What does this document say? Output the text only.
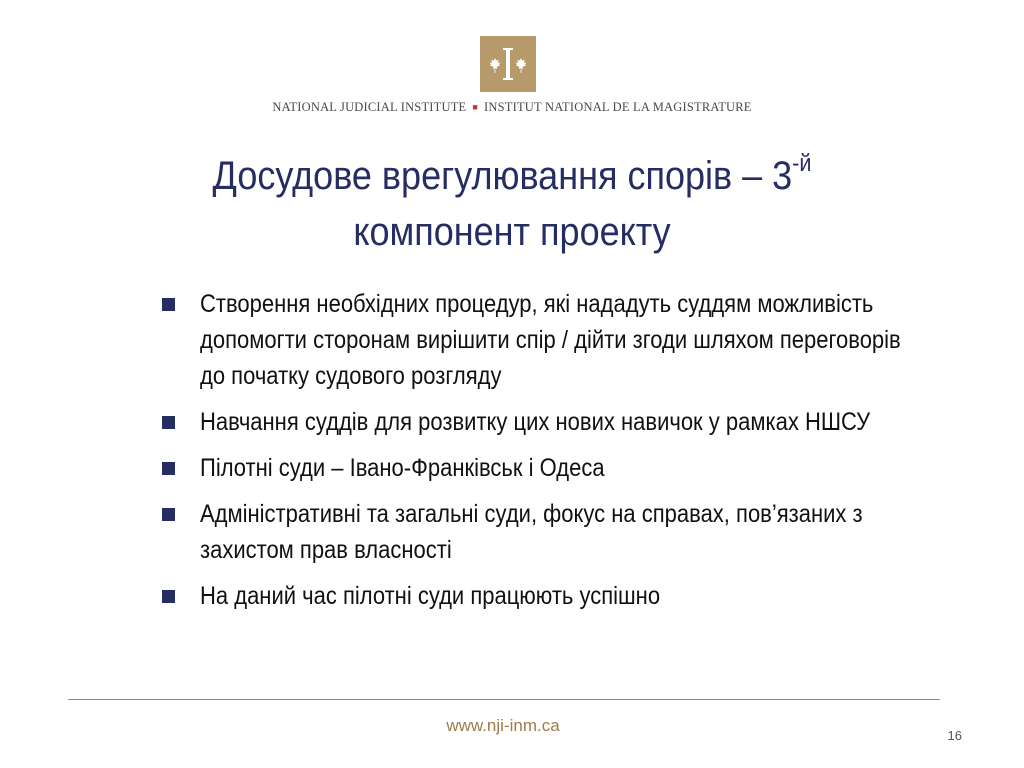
NATIONAL JUDICIAL INSTITUTE ■ INSTITUT NATIONAL DE LA MAGISTRATURE
Досудове врегулювання спорів – $3^{-й}$
компонент проекту
Створення необхідних процедур, які нададуть суддям можливість допомогти сторонам вирішити спір / дійти згоди шляхом переговорів до початку судового розгляду
Навчання суддів для розвитку цих нових навичок у рамках НШСУ
Пілотні суди – Івано-Франківськ і Одеса
Адміністративні та загальні суди, фокус на справах, пов’язаних з захистом прав власності
На даний час пілотні суди працюють успішно
www.nji-inm.ca
16
